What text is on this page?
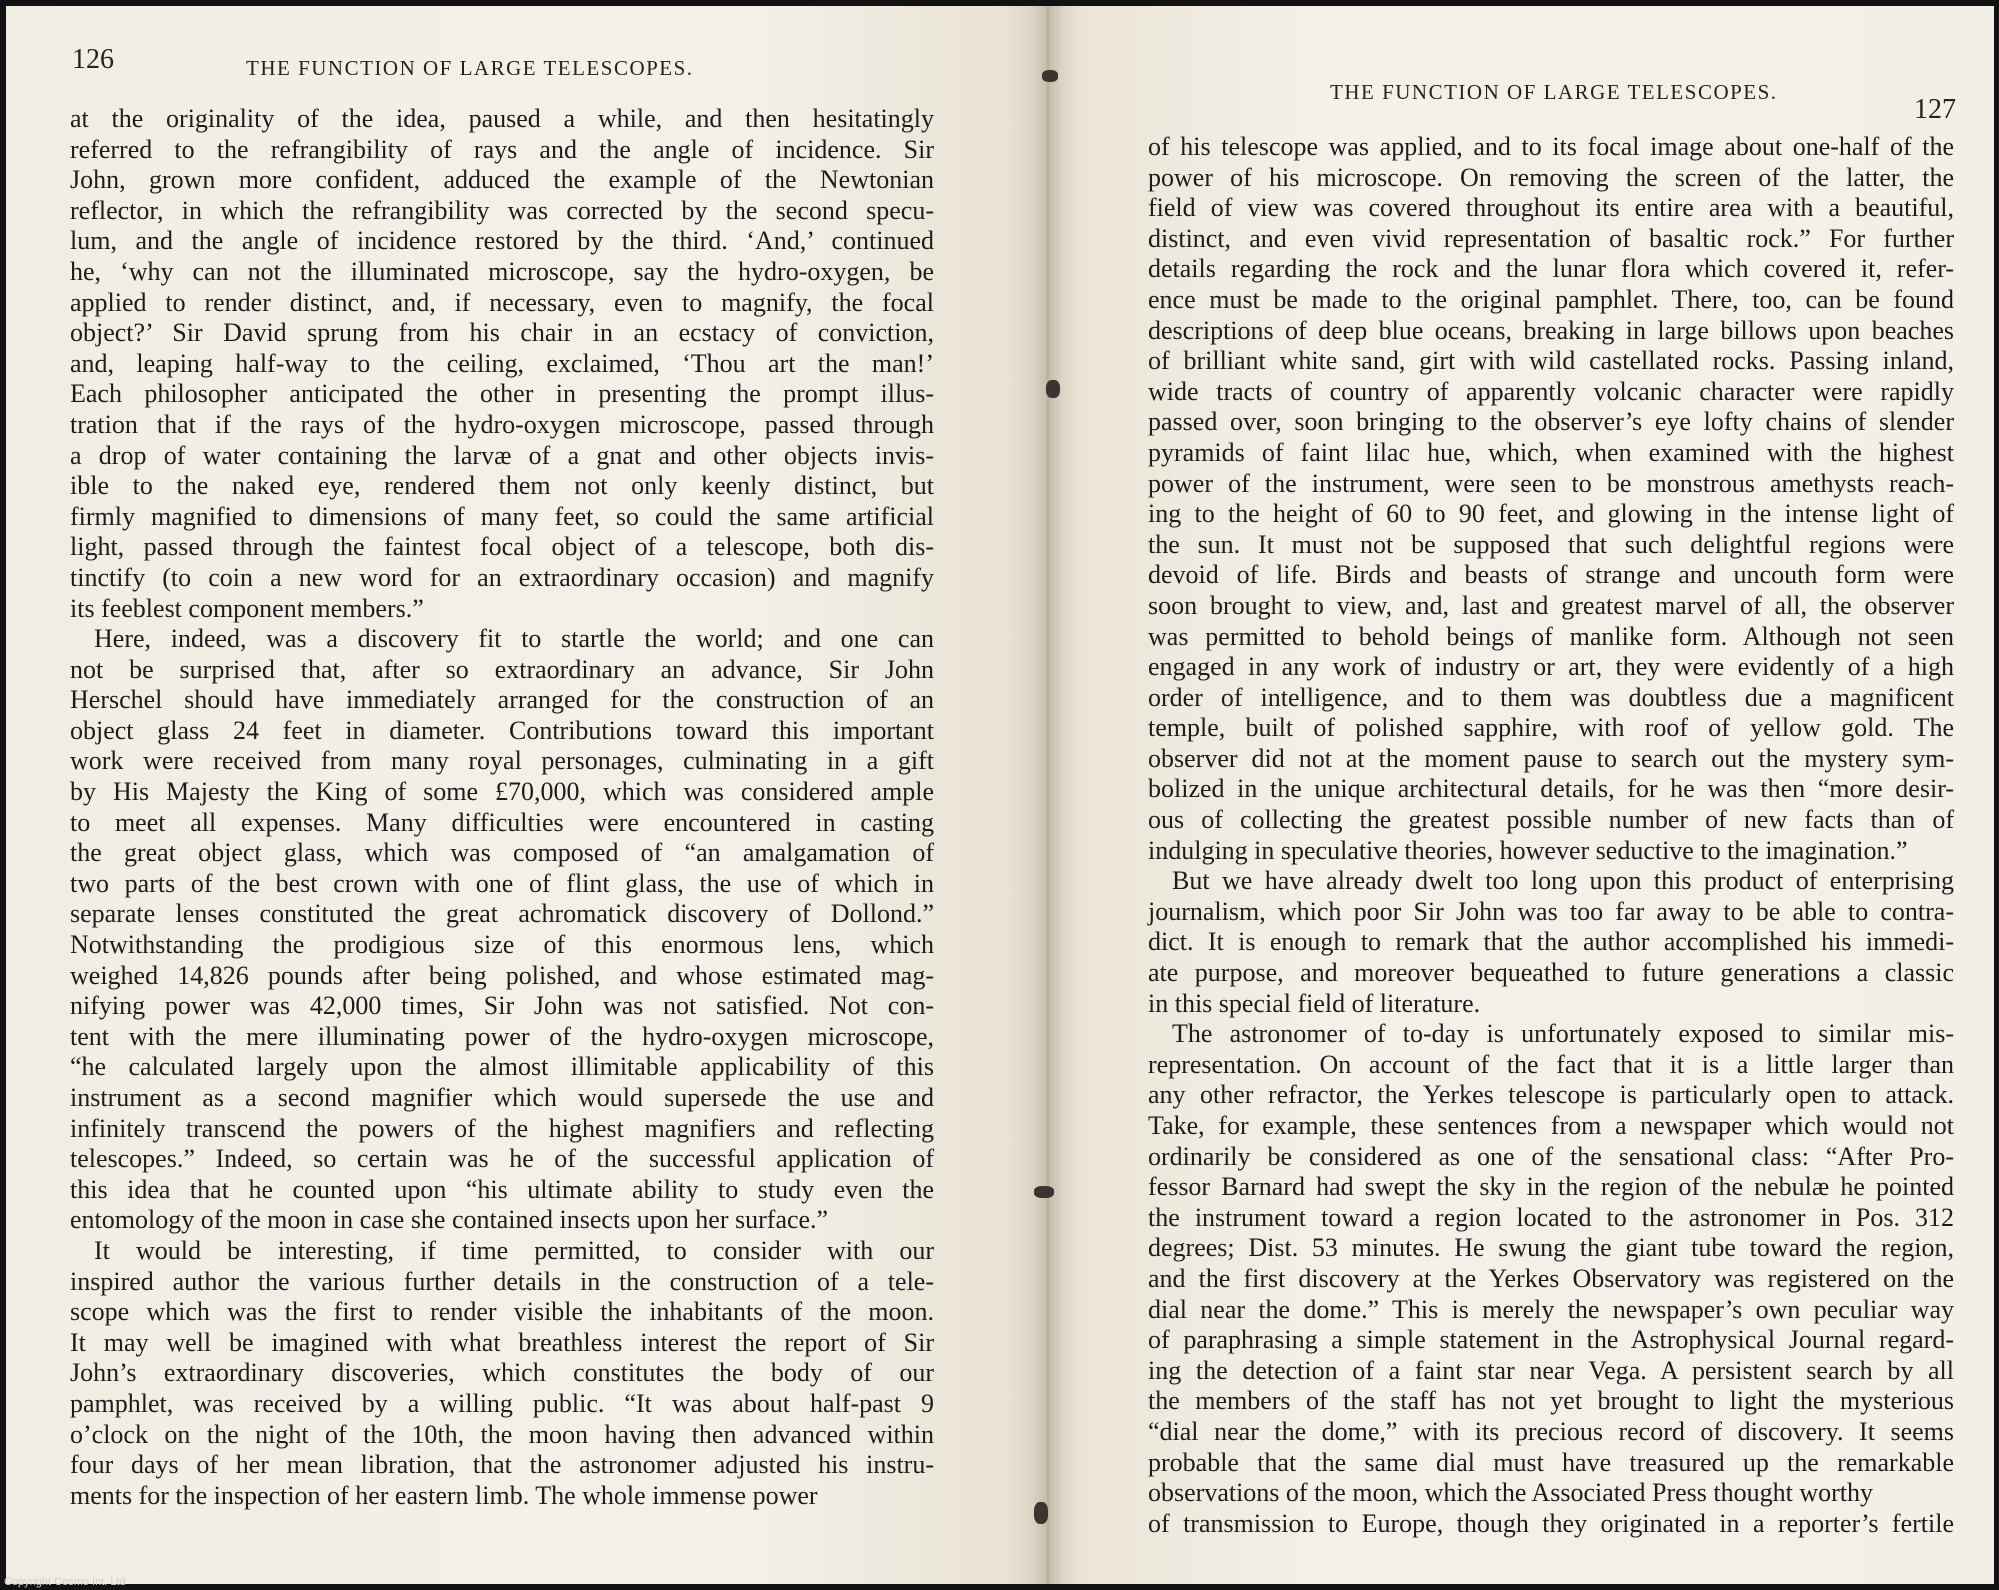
126	THE FUNCTION OF LARGE TELESCOPES.
at the originality of the idea, paused a while, and then hesitatingly
referred to the refrangibility of rays and the angle of incidence. Sir
John, grown more confident, adduced the example of the Newtonian
reflector, in which the refrangibility was corrected by the second specu-
lum, and the angle of incidence restored by the third. ‘And,’ continued
he, ‘why can not the illuminated microscope, say the hydro-oxygen, be
applied to render distinct, and, if necessary, even to magnify, the focal
object?’ Sir David sprung from his chair in an ecstacy of conviction,
and, leaping half-way to the ceiling, exclaimed, ‘Thou art the man!’
Each philosopher anticipated the other in presenting the prompt illus-
tration that if the rays of the hydro-oxygen microscope, passed through
a drop of water containing the larvæ of a gnat and other objects invis-
ible to the naked eye, rendered them not only keenly distinct, but
firmly magnified to dimensions of many feet, so could the same artificial
light, passed through the faintest focal object of a telescope, both dis-
tinctify (to coin a new word for an extraordinary occasion) and magnify
its feeblest component members.”
Here, indeed, was a discovery fit to startle the world; and one can
not be surprised that, after so extraordinary an advance, Sir John
Herschel should have immediately arranged for the construction of an
object glass 24 feet in diameter. Contributions toward this important
work were received from many royal personages, culminating in a gift
by His Majesty the King of some £70,000, which was considered ample
to meet all expenses. Many difficulties were encountered in casting
the great object glass, which was composed of “an amalgamation of
two parts of the best crown with one of flint glass, the use of which in
separate lenses constituted the great achromatick discovery of Dollond.”
Notwithstanding the prodigious size of this enormous lens, which
weighed 14,826 pounds after being polished, and whose estimated mag-
nifying power was 42,000 times, Sir John was not satisfied. Not con-
tent with the mere illuminating power of the hydro-oxygen microscope,
“he calculated largely upon the almost illimitable applicability of this
instrument as a second magnifier which would supersede the use and
infinitely transcend the powers of the highest magnifiers and reflecting
telescopes.” Indeed, so certain was he of the successful application of
this idea that he counted upon “his ultimate ability to study even the
entomology of the moon in case she contained insects upon her surface.”
It would be interesting, if time permitted, to consider with our
inspired author the various further details in the construction of a tele-
scope which was the first to render visible the inhabitants of the moon.
It may well be imagined with what breathless interest the report of Sir
John’s extraordinary discoveries, which constitutes the body of our
pamphlet, was received by a willing public. “It was about half-past 9
o’clock on the night of the 10th, the moon having then advanced within
four days of her mean libration, that the astronomer adjusted his instru-
ments for the inspection of her eastern limb. The whole immense power
THE FUNCTION OF LARGE TELESCOPES.
127
of his telescope was applied, and to its focal image about one-half of the
power of his microscope. On removing the screen of the latter, the
field of view was covered throughout its entire area with a beautiful,
distinct, and even vivid representation of basaltic rock.” For further
details regarding the rock and the lunar flora which covered it, refer-
ence must be made to the original pamphlet. There, too, can be found
descriptions of deep blue oceans, breaking in large billows upon beaches
of brilliant white sand, girt with wild castellated rocks. Passing inland,
wide tracts of country of apparently volcanic character were rapidly
passed over, soon bringing to the observer’s eye lofty chains of slender
pyramids of faint lilac hue, which, when examined with the highest
power of the instrument, were seen to be monstrous amethysts reach-
ing to the height of 60 to 90 feet, and glowing in the intense light of
the sun. It must not be supposed that such delightful regions were
devoid of life. Birds and beasts of strange and uncouth form were
soon brought to view, and, last and greatest marvel of all, the observer
was permitted to behold beings of manlike form. Although not seen
engaged in any work of industry or art, they were evidently of a high
order of intelligence, and to them was doubtless due a magnificent
temple, built of polished sapphire, with roof of yellow gold. The
observer did not at the moment pause to search out the mystery sym-
bolized in the unique architectural details, for he was then “more desir-
ous of collecting the greatest possible number of new facts than of
indulging in speculative theories, however seductive to the imagination.”
But we have already dwelt too long upon this product of enterprising
journalism, which poor Sir John was too far away to be able to contra-
dict. It is enough to remark that the author accomplished his immedi-
ate purpose, and moreover bequeathed to future generations a classic
in this special field of literature.
The astronomer of to-day is unfortunately exposed to similar mis-
representation. On account of the fact that it is a little larger than
any other refractor, the Yerkes telescope is particularly open to attack.
Take, for example, these sentences from a newspaper which would not
ordinarily be considered as one of the sensational class: “After Pro-
fessor Barnard had swept the sky in the region of the nebulæ he pointed
the instrument toward a region located to the astronomer in Pos. 312
degrees; Dist. 53 minutes. He swung the giant tube toward the region,
and the first discovery at the Yerkes Observatory was registered on the
dial near the dome.” This is merely the newspaper’s own peculiar way
of paraphrasing a simple statement in the Astrophysical Journal regard-
ing the detection of a faint star near Vega. A persistent search by all
the members of the staff has not yet brought to light the mysterious
“dial near the dome,” with its precious record of discovery. It seems
probable that the same dial must have treasured up the remarkable
observations of the moon, which the Associated Press thought worthy
of transmission to Europe, though they originated in a reporter’s fertile
Copyright Cosmo Int. Ltd
